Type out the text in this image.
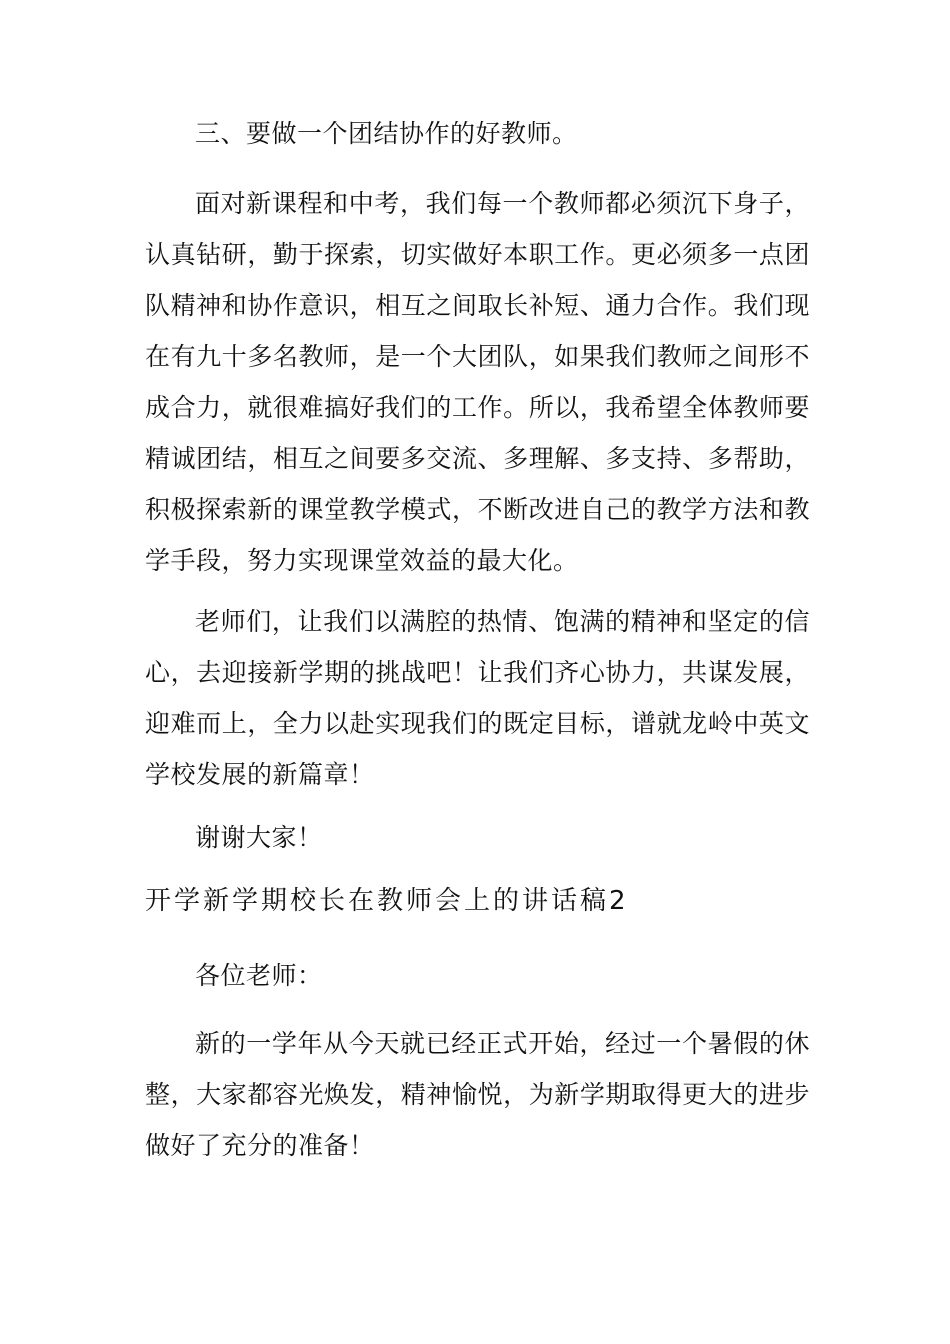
三、要做一个团结协作的好教师。

面对新课程和中考，我们每一个教师都必须沉下身子，认真钻研，勤于探索，切实做好本职工作。更必须多一点团队精神和协作意识，相互之间取长补短、通力合作。我们现在有九十多名教师，是一个大团队，如果我们教师之间形不成合力，就很难搞好我们的工作。所以，我希望全体教师要精诚团结，相互之间要多交流、多理解、多支持、多帮助，积极探索新的课堂教学模式，不断改进自己的教学方法和教学手段，努力实现课堂效益的最大化。

老师们，让我们以满腔的热情、饱满的精神和坚定的信心，去迎接新学期的挑战吧！让我们齐心协力，共谋发展，迎难而上，全力以赴实现我们的既定目标，谱就龙岭中英文学校发展的新篇章！

谢谢大家！

开学新学期校长在教师会上的讲话稿2

各位老师：

新的一学年从今天就已经正式开始，经过一个暑假的休整，大家都容光焕发，精神愉悦，为新学期取得更大的进步做好了充分的准备！
